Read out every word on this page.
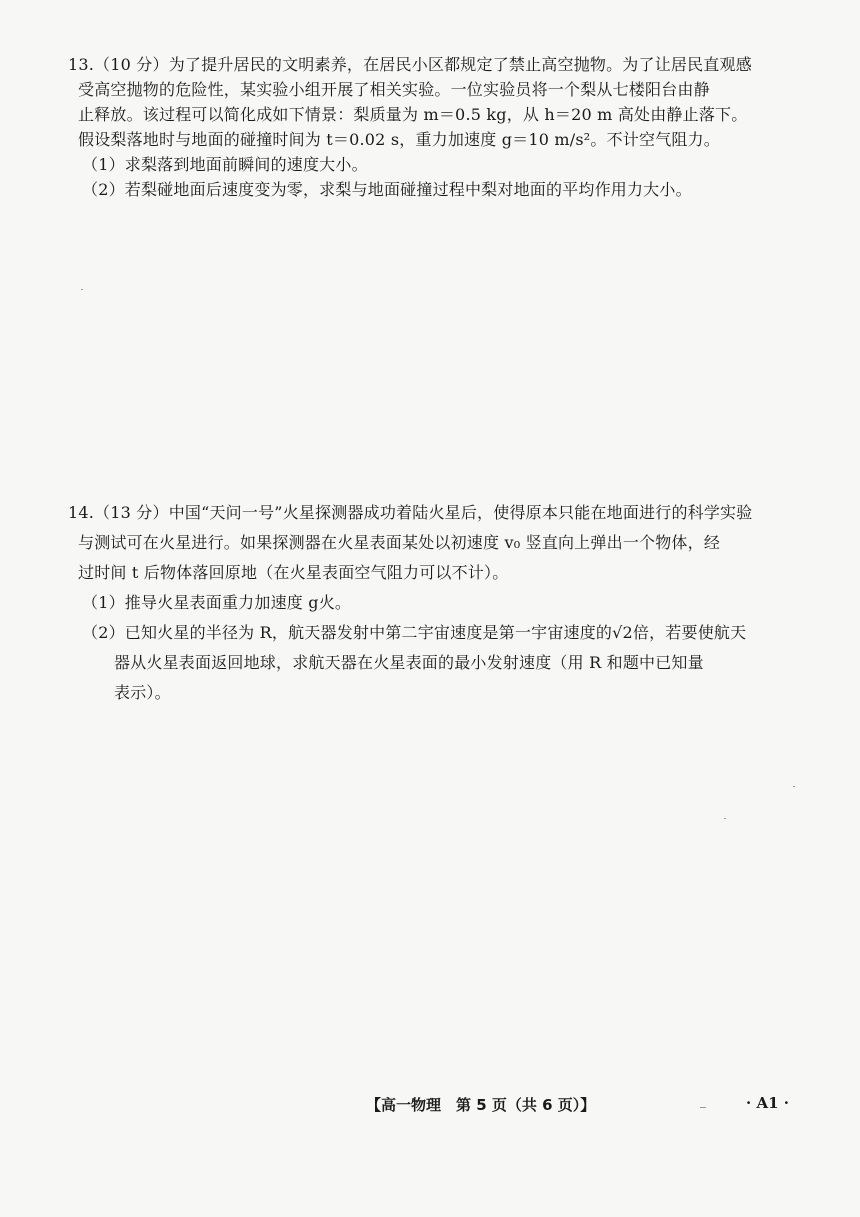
13.（10 分）为了提升居民的文明素养，在居民小区都规定了禁止高空抛物。为了让居民直观感
受高空抛物的危险性，某实验小组开展了相关实验。一位实验员将一个梨从七楼阳台由静
止释放。该过程可以简化成如下情景：梨质量为 m＝0.5 kg，从 h＝20 m 高处由静止落下。
假设梨落地时与地面的碰撞时间为 t＝0.02 s，重力加速度 g＝10 m/s²。不计空气阻力。
（1）求梨落到地面前瞬间的速度大小。
（2）若梨碰地面后速度变为零，求梨与地面碰撞过程中梨对地面的平均作用力大小。
14.（13 分）中国“天问一号”火星探测器成功着陆火星后，使得原本只能在地面进行的科学实验
与测试可在火星进行。如果探测器在火星表面某处以初速度 v₀ 竖直向上弹出一个物体，经
过时间 t 后物体落回原地（在火星表面空气阻力可以不计）。
（1）推导火星表面重力加速度 g火。
（2）已知火星的半径为 R，航天器发射中第二宇宙速度是第一宇宙速度的√2倍，若要使航天
器从火星表面返回地球，求航天器在火星表面的最小发射速度（用 R 和题中已知量
表示）。
【高一物理　第 5 页（共 6 页）】	· A1 ·
